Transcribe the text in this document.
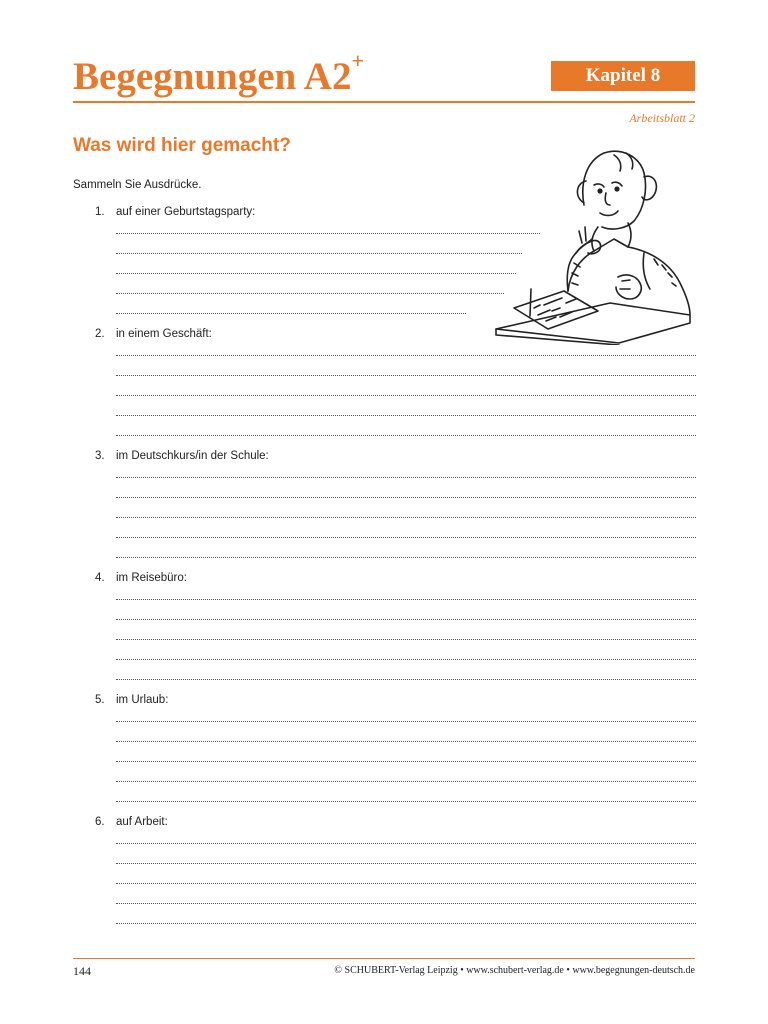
Begegnungen A2+
Kapitel 8
Arbeitsblatt 2
Was wird hier gemacht?
Sammeln Sie Ausdrücke.
1. auf einer Geburtstagsparty:
2. in einem Geschäft:
3. im Deutschkurs/in der Schule:
4. im Reisebüro:
5. im Urlaub:
6. auf Arbeit:
144	© SCHUBERT-Verlag Leipzig • www.schubert-verlag.de • www.begegnungen-deutsch.de
